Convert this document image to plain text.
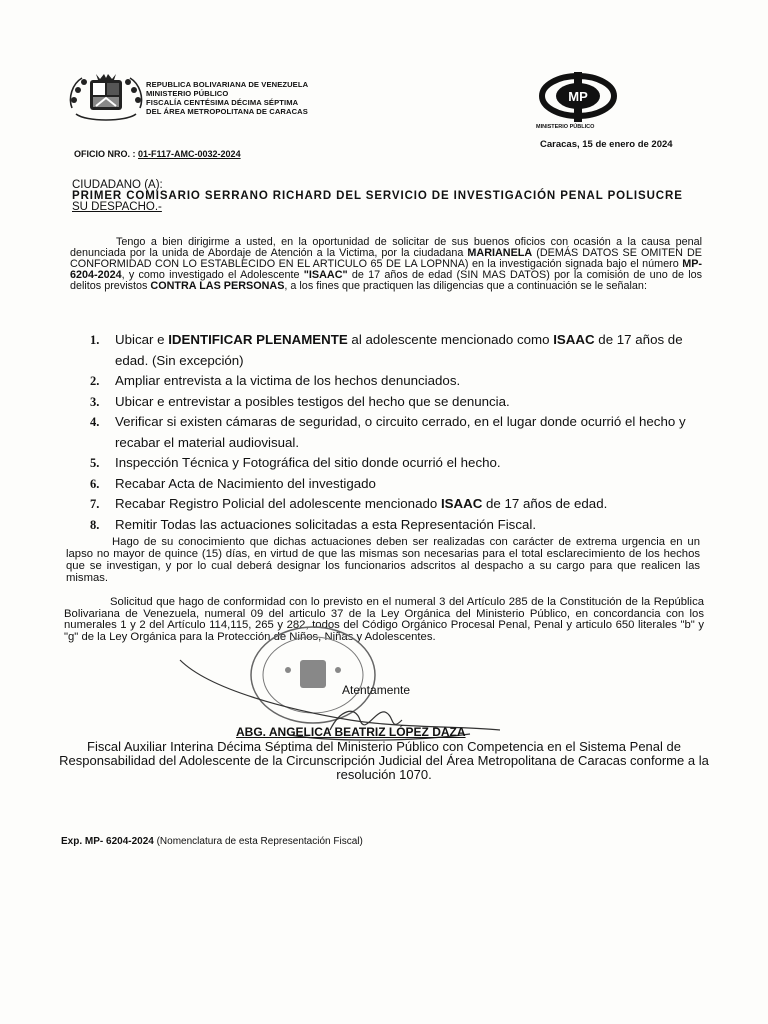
REPUBLICA BOLIVARIANA DE VENEZUELA
MINISTERIO PÚBLICO
FISCALÍA CENTÉSIMA DÉCIMA SÉPTIMA
DEL ÁREA METROPOLITANA DE CARACAS
MP
MINISTERIO PÚBLICO
Caracas, 15 de enero de 2024
OFICIO NRO. : 01-F117-AMC-0032-2024
CIUDADANO (A):
PRIMER COMISARIO SERRANO RICHARD DEL SERVICIO DE INVESTIGACIÓN PENAL POLISUCRE
SU DESPACHO.-
Tengo a bien dirigirme a usted, en la oportunidad de solicitar de sus buenos oficios con ocasión a la causa penal denunciada por la unida de Abordaje de Atención a la Victima, por la ciudadana MARIANELA (DEMÁS DATOS SE OMITEN DE CONFORMIDAD CON LO ESTABLECIDO EN EL ARTICULO 65 DE LA LOPNNA) en la investigación signada bajo el número MP-6204-2024, y como investigado el Adolescente "ISAAC" de 17 años de edad (SIN MAS DATOS) por la comisión de uno de los delitos previstos CONTRA LAS PERSONAS, a los fines que practiquen las diligencias que a continuación se le señalan:
1.	Ubicar e IDENTIFICAR PLENAMENTE al adolescente mencionado como ISAAC de 17 años de edad. (Sin excepción)
2.	Ampliar entrevista a la victima de los hechos denunciados.
3.	Ubicar e entrevistar a posibles testigos del hecho que se denuncia.
4.	Verificar si existen cámaras de seguridad, o circuito cerrado, en el lugar donde ocurrió el hecho y recabar el material audiovisual.
5.	Inspección Técnica y Fotográfica del sitio donde ocurrió el hecho.
6.	Recabar Acta de Nacimiento del investigado
7.	Recabar Registro Policial del adolescente mencionado ISAAC de 17 años de edad.
8.	Remitir Todas las actuaciones solicitadas a esta Representación Fiscal.
Hago de su conocimiento que dichas actuaciones deben ser realizadas con carácter de extrema urgencia en un lapso no mayor de quince (15) días, en virtud de que las mismas son necesarias para el total esclarecimiento de los hechos que se investigan, y por lo cual deberá designar los funcionarios adscritos al despacho a su cargo para que realicen las mismas.
Solicitud que hago de conformidad con lo previsto en el numeral 3 del Artículo 285 de la Constitución de la República Bolivariana de Venezuela, numeral 09 del articulo 37 de la Ley Orgánica del Ministerio Público, en concordancia con los numerales 1 y 2 del Artículo 114,115, 265 y 282, todos del Código Orgánico Procesal Penal, Penal y articulo 650 literales "b" y "g" de la Ley Orgánica para la Protección de Niños, Niñas y Adolescentes.
Atentamente
ABG. ANGELICA BEATRIZ LÓPEZ DAZA
Fiscal Auxiliar Interina Décima Séptima del Ministerio Público con Competencia en el Sistema Penal de Responsabilidad del Adolescente de la Circunscripción Judicial del Área Metropolitana de Caracas conforme a la resolución 1070.
Exp. MP- 6204-2024 (Nomenclatura de esta Representación Fiscal)
